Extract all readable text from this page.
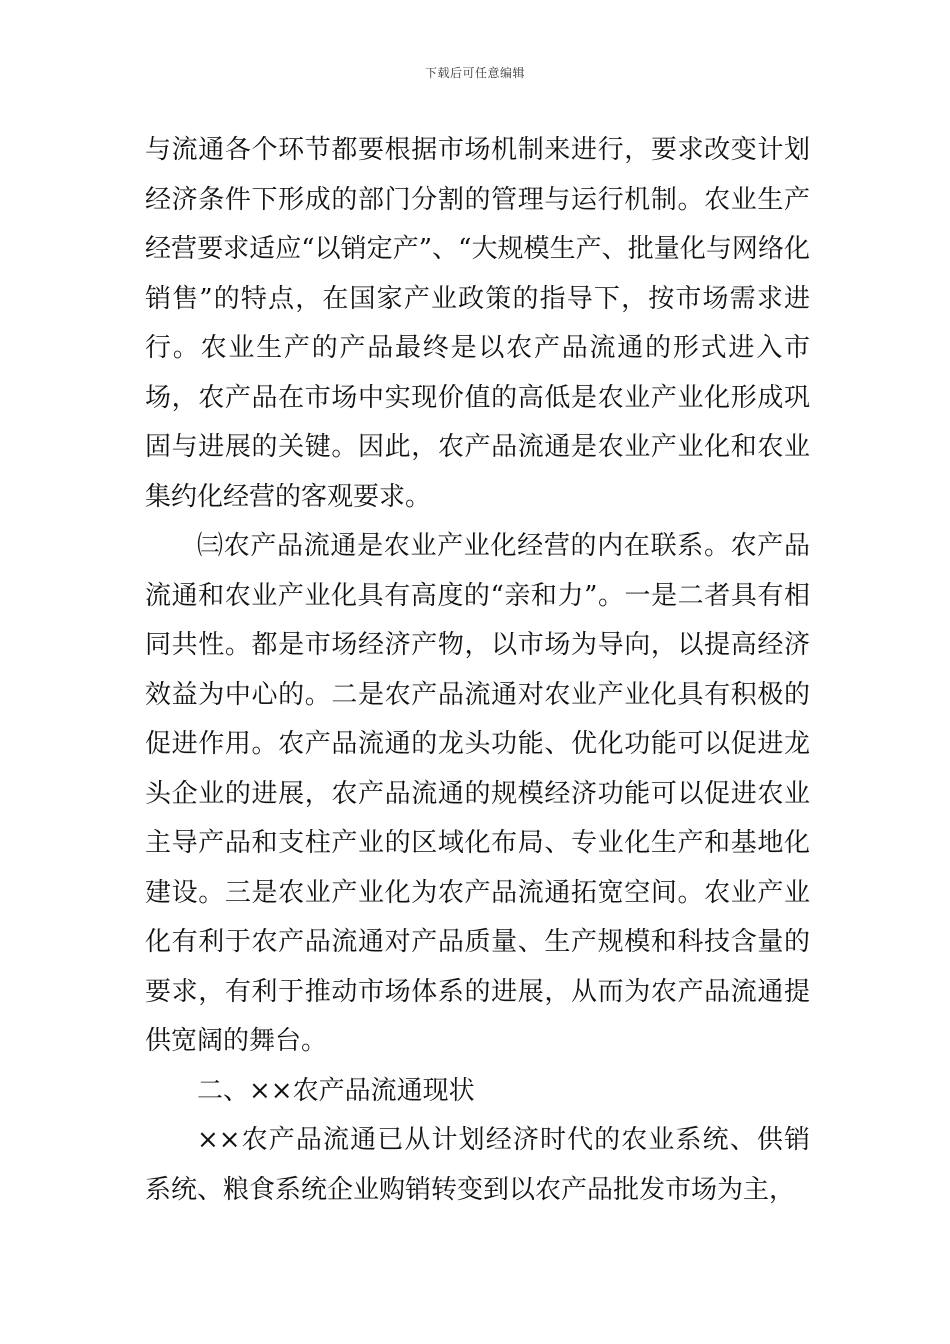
下载后可任意编辑

与流通各个环节都要根据市场机制来进行，要求改变计划经济条件下形成的部门分割的管理与运行机制。农业生产经营要求适应“以销定产”、“大规模生产、批量化与网络化销售”的特点，在国家产业政策的指导下，按市场需求进行。农业生产的产品最终是以农产品流通的形式进入市场，农产品在市场中实现价值的高低是农业产业化形成巩固与进展的关键。因此，农产品流通是农业产业化和农业集约化经营的客观要求。

㈢农产品流通是农业产业化经营的内在联系。农产品流通和农业产业化具有高度的“亲和力”。一是二者具有相同共性。都是市场经济产物，以市场为导向，以提高经济效益为中心的。二是农产品流通对农业产业化具有积极的促进作用。农产品流通的龙头功能、优化功能可以促进龙头企业的进展，农产品流通的规模经济功能可以促进农业主导产品和支柱产业的区域化布局、专业化生产和基地化建设。三是农业产业化为农产品流通拓宽空间。农业产业化有利于农产品流通对产品质量、生产规模和科技含量的要求，有利于推动市场体系的进展，从而为农产品流通提供宽阔的舞台。

二、××农产品流通现状

××农产品流通已从计划经济时代的农业系统、供销系统、粮食系统企业购销转变到以农产品批发市场为主，
